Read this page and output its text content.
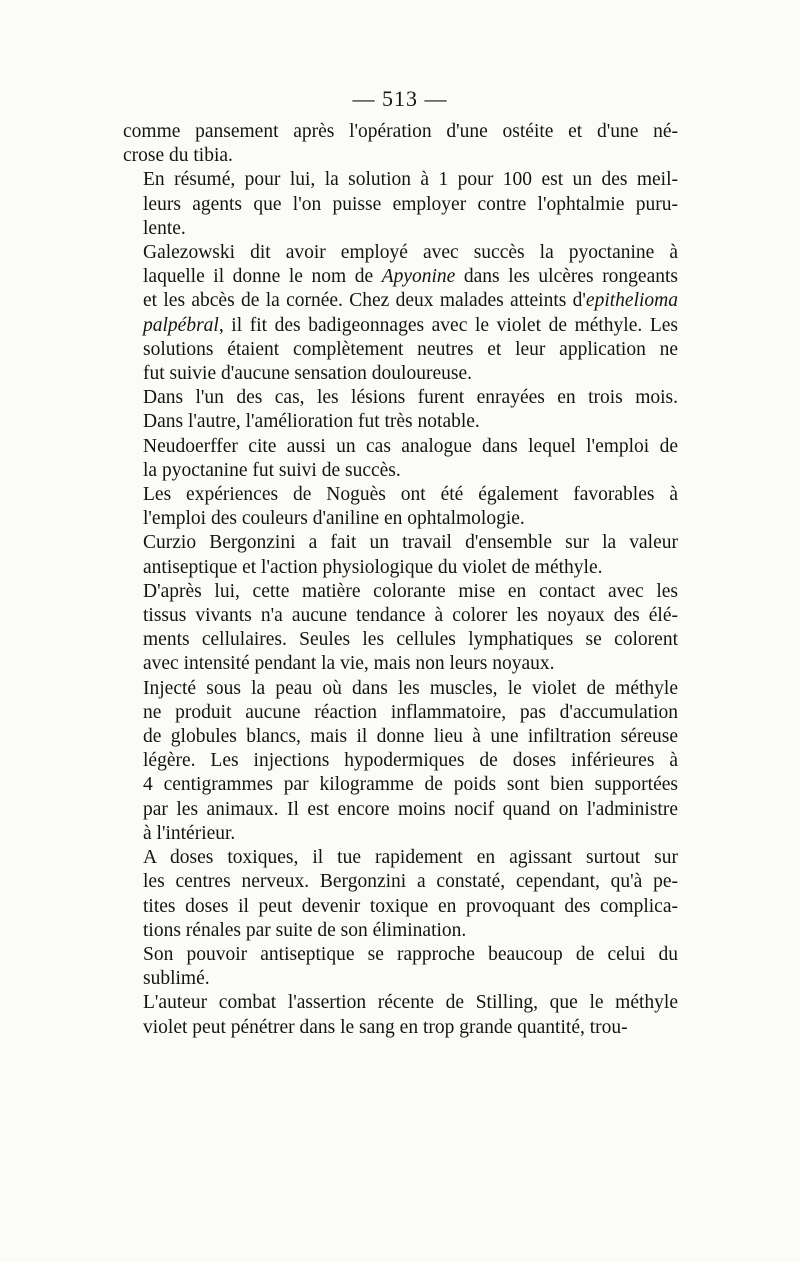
— 513 —
comme pansement après l'opération d'une ostéite et d'une né-
crose du tibia.
En résumé, pour lui, la solution à 1 pour 100 est un des meil-
leurs agents que l'on puisse employer contre l'ophtalmie puru-
lente.
Galezowski dit avoir employé avec succès la pyoctanine à
laquelle il donne le nom de Apyonine dans les ulcères rongeants
et les abcès de la cornée. Chez deux malades atteints d'epithelioma
palpébral, il fit des badigeonnages avec le violet de méthyle. Les
solutions étaient complètement neutres et leur application ne
fut suivie d'aucune sensation douloureuse.
Dans l'un des cas, les lésions furent enrayées en trois mois.
Dans l'autre, l'amélioration fut très notable.
Neudoerffer cite aussi un cas analogue dans lequel l'emploi de
la pyoctanine fut suivi de succès.
Les expériences de Noguès ont été également favorables à
l'emploi des couleurs d'aniline en ophtalmologie.
Curzio Bergonzini a fait un travail d'ensemble sur la valeur
antiseptique et l'action physiologique du violet de méthyle.
D'après lui, cette matière colorante mise en contact avec les
tissus vivants n'a aucune tendance à colorer les noyaux des élé-
ments cellulaires. Seules les cellules lymphatiques se colorent
avec intensité pendant la vie, mais non leurs noyaux.
Injecté sous la peau où dans les muscles, le violet de méthyle
ne produit aucune réaction inflammatoire, pas d'accumulation
de globules blancs, mais il donne lieu à une infiltration séreuse
légère. Les injections hypodermiques de doses inférieures à
4 centigrammes par kilogramme de poids sont bien supportées
par les animaux. Il est encore moins nocif quand on l'administre
à l'intérieur.
A doses toxiques, il tue rapidement en agissant surtout sur
les centres nerveux. Bergonzini a constaté, cependant, qu'à pe-
tites doses il peut devenir toxique en provoquant des complica-
tions rénales par suite de son élimination.
Son pouvoir antiseptique se rapproche beaucoup de celui du
sublimé.
L'auteur combat l'assertion récente de Stilling, que le méthyle
violet peut pénétrer dans le sang en trop grande quantité, trou-
